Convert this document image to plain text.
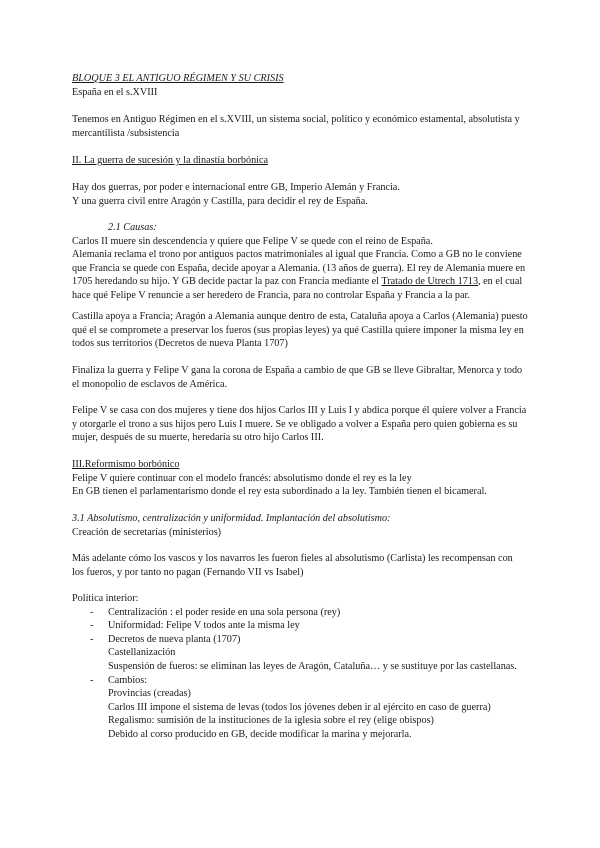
BLOQUE 3 EL ANTIGUO RÉGIMEN Y SU CRISIS

España en el s.XVIII

Tenemos en Antiguo Régimen en el s.XVIII, un sistema social, político y económico estamental, absolutista y mercantilista /subsistencia

II. La guerra de sucesión y la dinastía borbónica

Hay dos guerras, por poder e internacional entre GB, Imperio Alemán y Francia.

Y una guerra civil entre Aragón y Castilla, para decidir el rey de España.

2.1 Causas:

Carlos II muere sin descendencia y quiere que Felipe V se quede con el reino de España.

Alemania reclama el trono por antiguos pactos matrimoniales al igual que Francia. Como a GB no le conviene

que Francia se quede con España, decide apoyar a Alemania. (13 años de guerra). El rey de Alemania muere en

1705 heredando su hijo. Y GB decide pactar la paz con Francia mediante el Tratado de Utrech 1713, en el cual

hace qué Felipe V renuncie a ser heredero de Francia, para no controlar España y Francia a la par.

Castilla apoya a Francia; Aragón a Alemania aunque dentro de esta, Cataluña apoya a Carlos (Alemania) puesto

qué el se compromete a preservar los fueros (sus propias leyes) ya qué Castilla quiere imponer la misma ley en

todos sus territorios (Decretos de nueva Planta 1707)

Finaliza la guerra y Felipe V gana la corona de España a cambio de que GB se lleve Gibraltar, Menorca y todo

el monopolio de esclavos de América.

Felipe V se casa con dos mujeres y tiene dos hijos Carlos III y Luis I y abdica porque él quiere volver a Francia

y otorgarle el trono a sus hijos pero Luis I muere. Se ve obligado a volver a España pero quien gobierna es su

mujer, después de su muerte, heredaría su otro hijo Carlos III.

III.Reformismo borbónico

Felipe V quiere continuar con el modelo francés: absolutismo donde el rey es la ley

En GB tienen el parlamentarismo donde el rey esta subordinado a la ley. También tienen el bicameral.

3.1 Absolutismo, centralización y uniformidad. Implantación del absolutismo:

Creación de secretarías (ministerios)

Más adelante cómo los vascos y los navarros les fueron fieles al absolutismo (Carlista) les recompensan con

los fueros, y por tanto no pagan (Fernando VII vs Isabel)

Política interior:

- Centralización : el poder reside en una sola persona (rey)
- Uniformidad: Felipe V todos ante la misma ley
- Decretos de nueva planta (1707)
Castellanización
Suspensión de fueros: se eliminan las leyes de Aragón, Cataluña… y se sustituye por las castellanas.
- Cambios:
Provincias (creadas)
Carlos III impone el sistema de levas (todos los jóvenes deben ir al ejército en caso de guerra)
Regalismo: sumisión de la instituciones de la iglesia sobre el rey (elige obispos)
Debido al corso producido en GB, decide modificar la marina y mejorarla.
